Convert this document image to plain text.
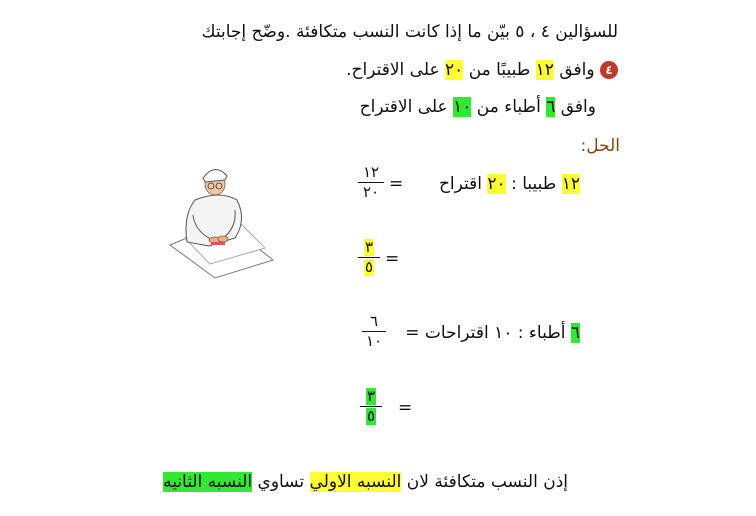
للسؤالين ٤ ، ٥ بيّن ما إذا كانت النسب متكافئة .وضّح إجابتك
٤ وافق ١٢ طبيبًا من ٢٠ على الاقتراح.
وافق ٦ أطباء من ١٠ على الاقتراح
الحل:
١٢ طبيبا : ٢٠ اقتراح
=
١٢
٢٠
٣
٥ =
٦ أطباء : ١٠ اقتراحات =
٦
١٠
٣
٥ =
إذن النسب متكافئة لان النسبه الاولي تساوي النسبه الثانيه
